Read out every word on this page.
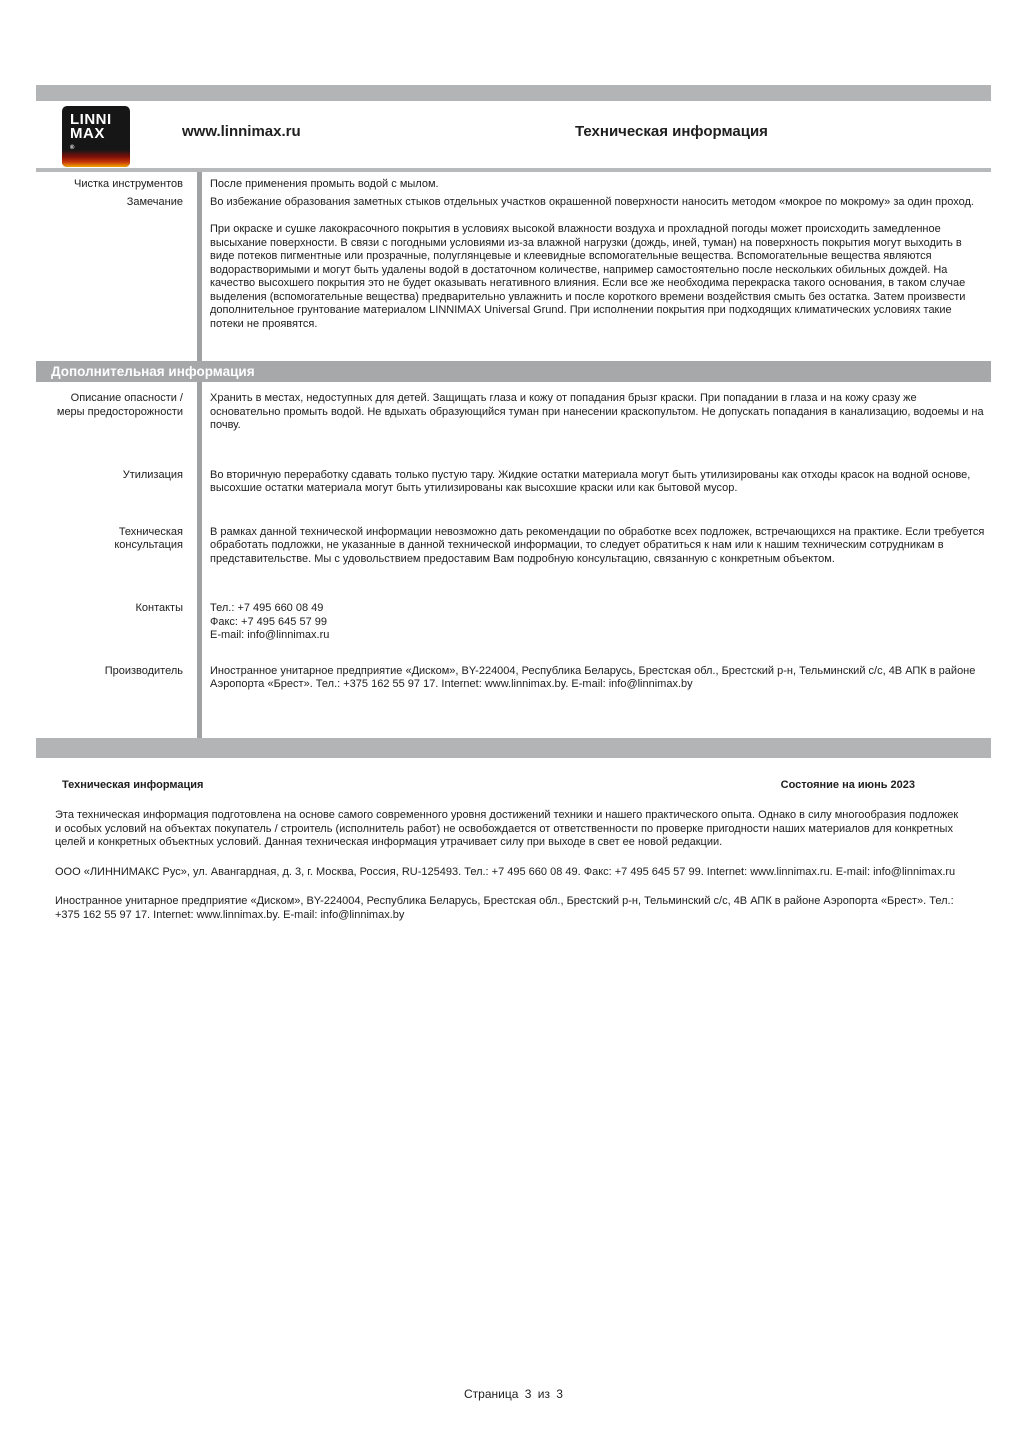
LINNI
MAX
®
www.linnimax.ru	Техническая информация
Чистка инструментов	После применения промыть водой с мылом.

Замечание	Во избежание образования заметных стыков отдельных участков окрашенной поверхности наносить методом «мокрое по мокрому» за один проход.

При окраске и сушке лакокрасочного покрытия в условиях высокой влажности воздуха и прохладной погоды может происходить замедленное высыхание поверхности. В связи с погодными условиями из-за влажной нагрузки (дождь, иней, туман) на поверхность покрытия могут выходить в виде потеков пигментные или прозрачные, полуглянцевые и клеевидные вспомогательные вещества. Вспомогательные вещества являются водорастворимыми и могут быть удалены водой в достаточном количестве, например самостоятельно после нескольких обильных дождей. На качество высохшего покрытия это не будет оказывать негативного влияния. Если все же необходима перекраска такого основания, в таком случае выделения (вспомогательные вещества) предварительно увлажнить и после короткого времени воздействия смыть без остатка. Затем произвести дополнительное грунтование материалом LINNIMAX Universal Grund. При исполнении покрытия при подходящих климатических условиях такие потеки не проявятся.

Дополнительная информация
Описание опасности /
меры предосторожности

Хранить в местах, недоступных для детей. Защищать глаза и кожу от попадания брызг краски. При попадании в глаза и на кожу сразу же основательно промыть водой. Не вдыхать образующийся туман при нанесении краскопультом. Не допускать попадания в канализацию, водоемы и на почву.

Утилизация	Во вторичную переработку сдавать только пустую тару. Жидкие остатки материала могут быть утилизированы как отходы красок на водной основе, высохшие остатки материала могут быть утилизированы как высохшие краски или как бытовой мусор.

Техническая
консультация

В рамках данной технической информации невозможно дать рекомендации по обработке всех подложек, встречающихся на практике. Если требуется обработать подложки, не указанные в данной технической информации, то следует обратиться к нам или к нашим техническим сотрудникам в представительстве. Мы с удовольствием предоставим Вам подробную консультацию, связанную с конкретным объектом.

Контакты	Тел.: +7 495 660 08 49
Факс: +7 495 645 57 99
E-mail: info@linnimax.ru
Производитель	Иностранное унитарное предприятие «Диском», BY-224004, Республика Беларусь, Брестская обл., Брестский р-н, Тельминский с/с, 4В АПК в районе Аэропорта «Брест». Тел.: +375 162 55 97 17. Internet: www.linnimax.by. E-mail: info@linnimax.by

Техническая информация	Состояние на июнь 2023

Эта техническая информация подготовлена на основе самого современного уровня достижений техники и нашего практического опыта. Однако в силу многообразия подложек и особых условий на объектах покупатель / строитель (исполнитель работ) не освобождается от ответственности по проверке пригодности наших материалов для конкретных целей и конкретных объектных условий. Данная техническая информация утрачивает силу при выходе в свет ее новой редакции.

ООО «ЛИННИМАКС Рус», ул. Авангардная, д. 3, г. Москва, Россия, RU-125493. Тел.: +7 495 660 08 49. Факс: +7 495 645 57 99. Internet: www.linnimax.ru. E-mail: info@linnimax.ru

Иностранное унитарное предприятие «Диском», BY-224004, Республика Беларусь, Брестская обл., Брестский р-н, Тельминский с/с, 4В АПК в районе Аэропорта «Брест». Тел.: +375 162 55 97 17. Internet: www.linnimax.by. E-mail: info@linnimax.by

Страница 3 из 3
